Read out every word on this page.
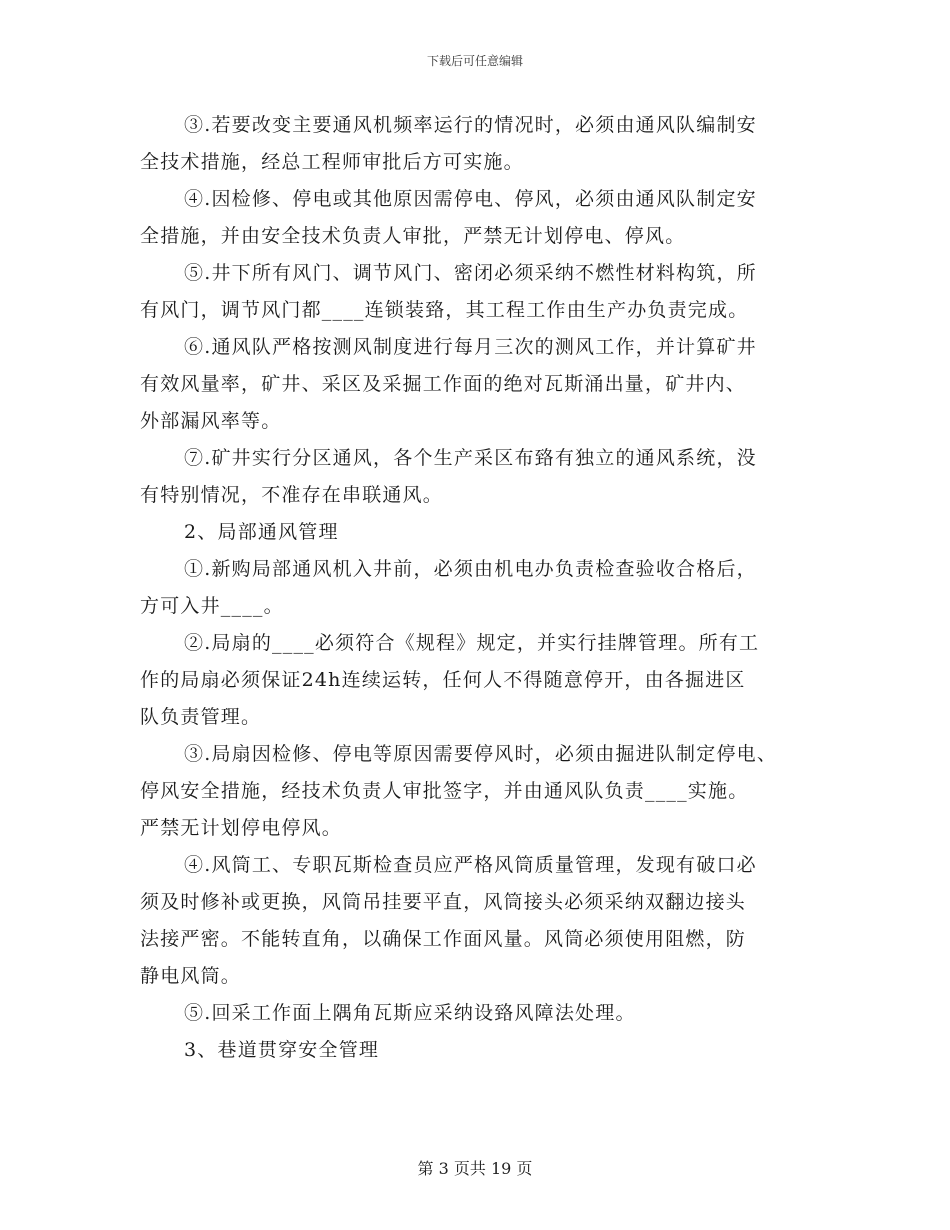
下载后可任意编辑
③.若要改变主要通风机频率运行的情况时，必须由通风队编制安
全技术措施，经总工程师审批后方可实施。
④.因检修、停电或其他原因需停电、停风，必须由通风队制定安
全措施，并由安全技术负责人审批，严禁无计划停电、停风。
⑤.井下所有风门、调节风门、密闭必须采纳不燃性材料构筑，所
有风门，调节风门都____连锁装臵，其工程工作由生产办负责完成。
⑥.通风队严格按测风制度进行每月三次的测风工作，并计算矿井
有效风量率，矿井、采区及采掘工作面的绝对瓦斯涌出量，矿井内、
外部漏风率等。
⑦.矿井实行分区通风，各个生产采区布臵有独立的通风系统，没
有特别情况，不准存在串联通风。
2、局部通风管理
①.新购局部通风机入井前，必须由机电办负责检查验收合格后，
方可入井____。
②.局扇的____必须符合《规程》规定，并实行挂牌管理。所有工
作的局扇必须保证24h连续运转，任何人不得随意停开，由各掘进区
队负责管理。
③.局扇因检修、停电等原因需要停风时，必须由掘进队制定停电、
停风安全措施，经技术负责人审批签字，并由通风队负责____实施。
严禁无计划停电停风。
④.风筒工、专职瓦斯检查员应严格风筒质量管理，发现有破口必
须及时修补或更换，风筒吊挂要平直，风筒接头必须采纳双翻边接头
法接严密。不能转直角，以确保工作面风量。风筒必须使用阻燃，防
静电风筒。
⑤.回采工作面上隅角瓦斯应采纳设臵风障法处理。
3、巷道贯穿安全管理
第 3 页共 19 页
